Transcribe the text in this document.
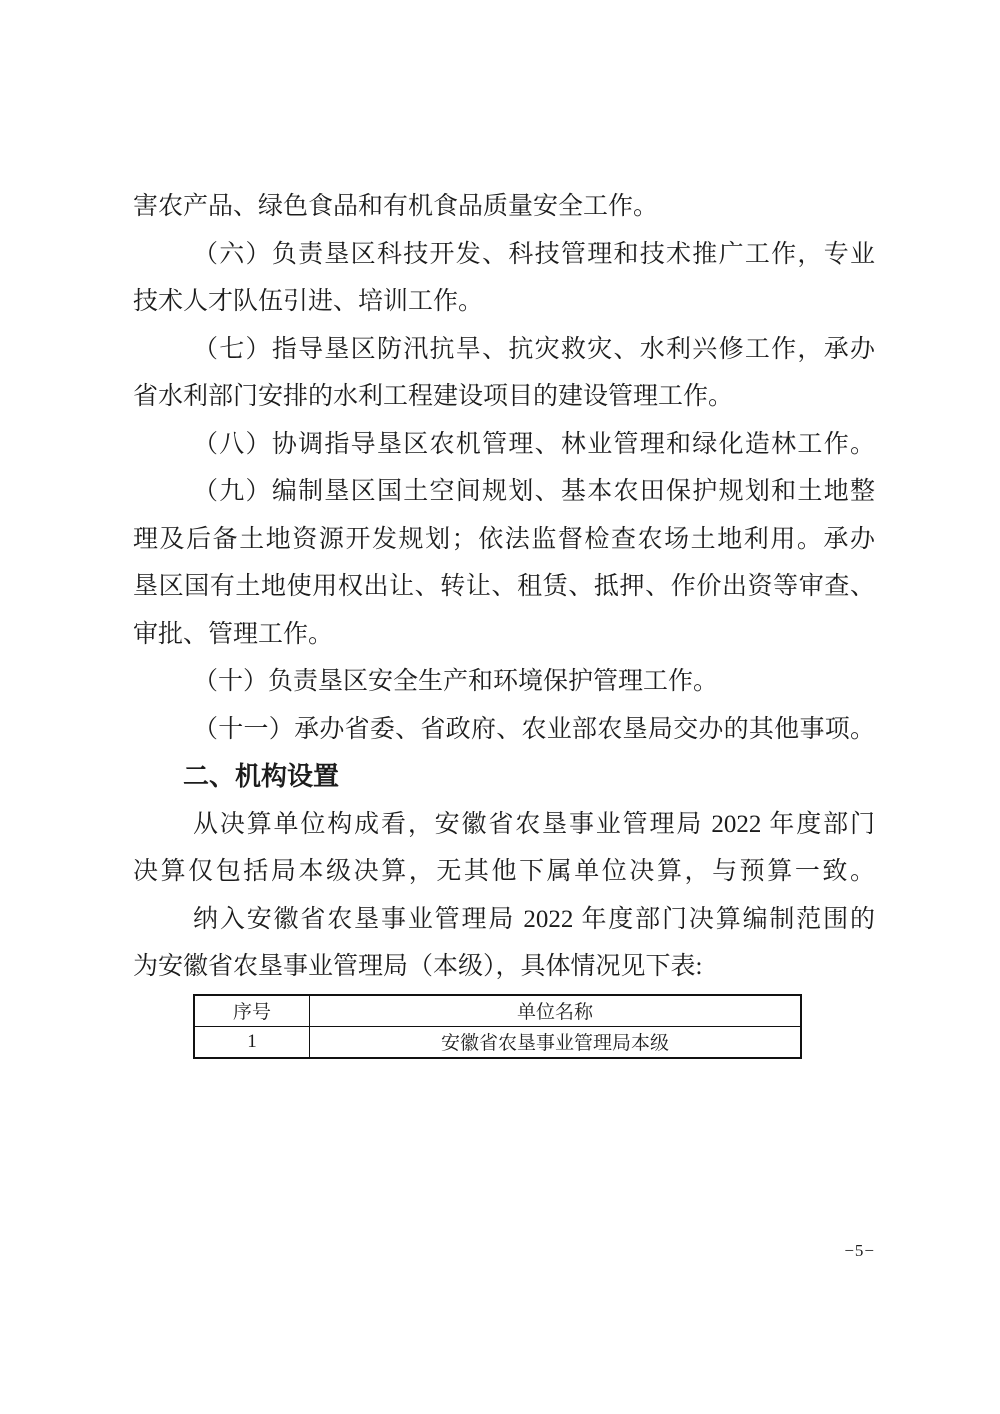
害农产品、绿色食品和有机食品质量安全工作。
（六）负责垦区科技开发、科技管理和技术推广工作，专业
技术人才队伍引进、培训工作。
（七）指导垦区防汛抗旱、抗灾救灾、水利兴修工作，承办
省水利部门安排的水利工程建设项目的建设管理工作。
（八）协调指导垦区农机管理、林业管理和绿化造林工作。
（九）编制垦区国土空间规划、基本农田保护规划和土地整
理及后备土地资源开发规划；依法监督检查农场土地利用。承办
垦区国有土地使用权出让、转让、租赁、抵押、作价出资等审查、
审批、管理工作。
（十）负责垦区安全生产和环境保护管理工作。
（十一）承办省委、省政府、农业部农垦局交办的其他事项。
二、机构设置
从决算单位构成看，安徽省农垦事业管理局 2022 年度部门
决算仅包括局本级决算，无其他下属单位决算，与预算一致。
纳入安徽省农垦事业管理局 2022 年度部门决算编制范围的
为安徽省农垦事业管理局（本级），具体情况见下表:
序号	单位名称
1	安徽省农垦事业管理局本级
−5−
